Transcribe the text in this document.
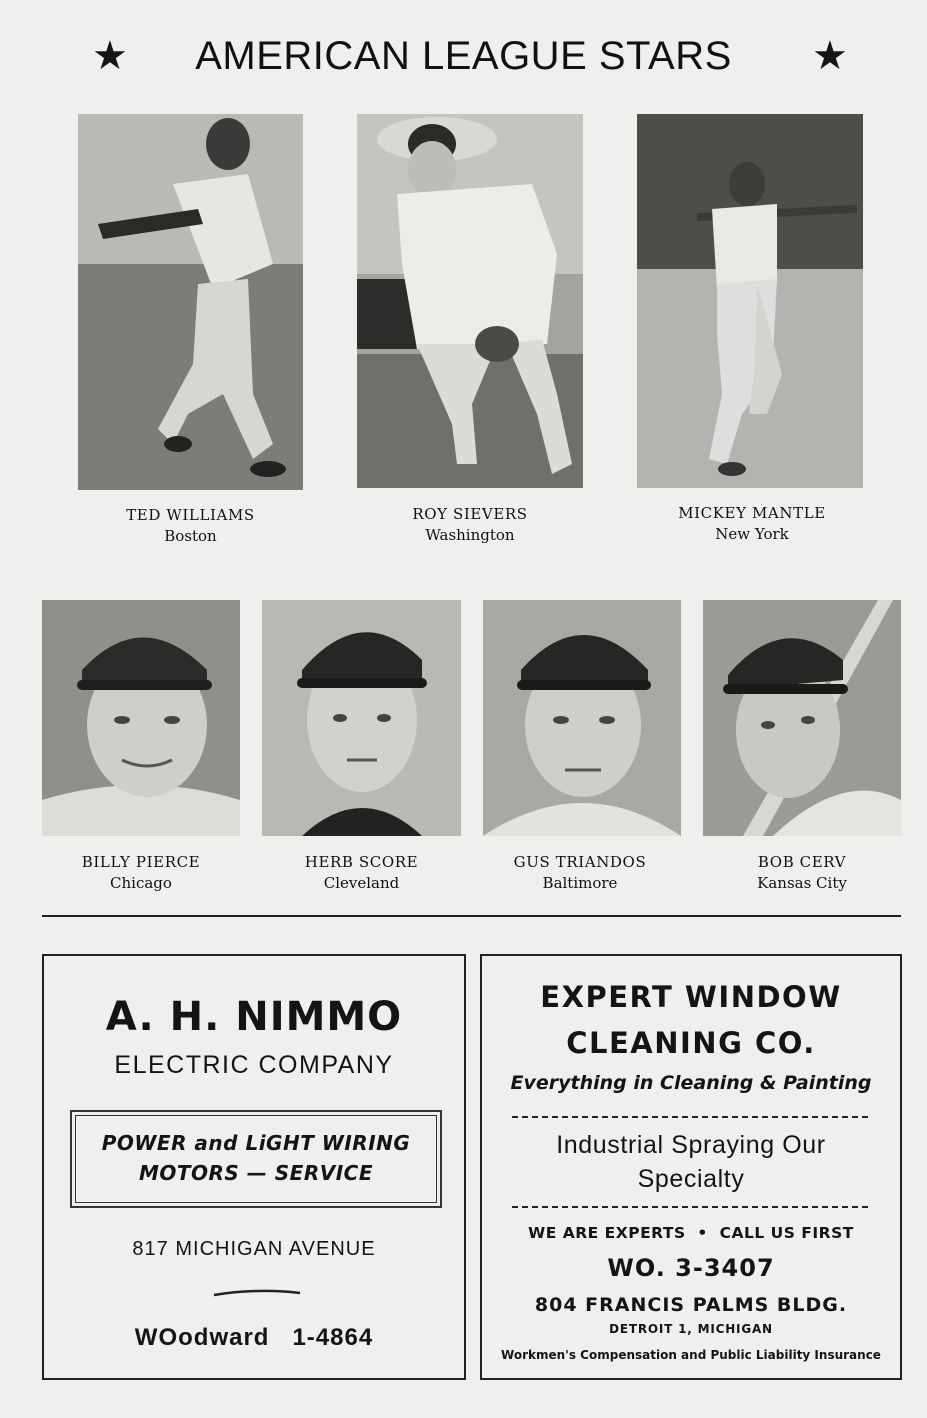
★	AMERICAN LEAGUE STARS	★
TED WILLIAMS
Boston
ROY SIEVERS
Washington
MICKEY MANTLE
New York
BILLY PIERCE
Chicago
HERB SCORE
Cleveland
GUS TRIANDOS
Baltimore
BOB CERV
Kansas City
A. H. NIMMO
ELECTRIC COMPANY
POWER and LiGHT WIRING
MOTORS — SERVICE
817 MICHIGAN AVENUE
WOodward   1-4864
EXPERT WINDOW
CLEANING CO.
Everything in Cleaning & Painting
Industrial Spraying Our
Specialty
WE ARE EXPERTS  •  CALL US FIRST
WO. 3-3407
804 FRANCIS PALMS BLDG.
DETROIT 1, MICHIGAN
Workmen's Compensation and Public Liability Insurance
